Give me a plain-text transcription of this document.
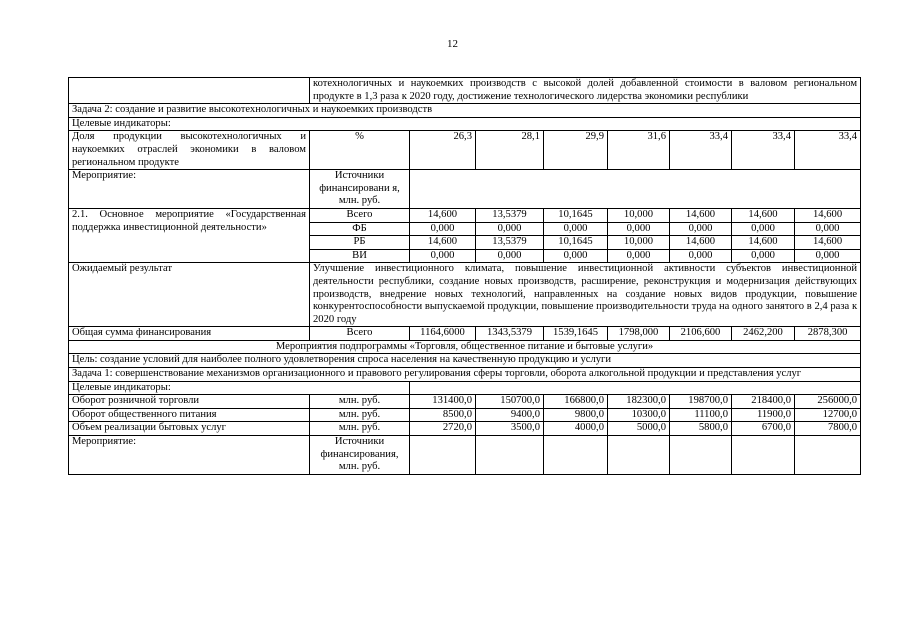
12
	котехнологичных и наукоемких производств с высокой долей добавленной стоимости в валовом региональном продукте в 1,3 раза к 2020 году, достижение технологического лидерства экономики республики							
Задача 2: создание и развитие высокотехнологичных и наукоемких производств								
Целевые индикаторы:								
Доля продукции высокотехнологичных и наукоемких отраслей экономики в валовом региональном продукте	%	26,3	28,1	29,9	31,6	33,4	33,4	33,4
Мероприятие:	Источники финансировани я, млн. руб.							
2.1. Основное мероприятие «Государственная поддержка инвестиционной деятельности»	Всего	14,600	13,5379	10,1645	10,000	14,600	14,600	14,600
	ФБ	0,000	0,000	0,000	0,000	0,000	0,000	0,000
	РБ	14,600	13,5379	10,1645	10,000	14,600	14,600	14,600
	ВИ	0,000	0,000	0,000	0,000	0,000	0,000	0,000
Ожидаемый результат	Улучшение инвестиционного климата, повышение инвестиционной активности субъектов инвестиционной деятельности республики, создание новых производств, расширение, реконструкция и модернизация действующих производств, внедрение новых технологий, направленных на создание новых видов продукции, повышение конкурентоспособности выпускаемой продукции, повышение производительности труда на одного занятого в 2,4 раза к 2020 году							
Общая сумма финансирования	Всего	1164,6000	1343,5379	1539,1645	1798,000	2106,600	2462,200	2878,300
Мероприятия подпрограммы «Торговля, общественное питание и бытовые услуги»								
Цель: создание условий для наиболее полного удовлетворения спроса населения на качественную продукцию и услуги								
Задача 1: совершенствование механизмов организационного и правового регулирования сферы торговли, оборота алкогольной продукции и представления услуг								
Целевые индикаторы:								
Оборот розничной торговли	млн. руб.	131400,0	150700,0	166800,0	182300,0	198700,0	218400,0	256000,0
Оборот общественного питания	млн. руб.	8500,0	9400,0	9800,0	10300,0	11100,0	11900,0	12700,0
Объем реализации бытовых услуг	млн. руб.	2720,0	3500,0	4000,0	5000,0	5800,0	6700,0	7800,0
Мероприятие:	Источники финансирования, млн. руб.							
